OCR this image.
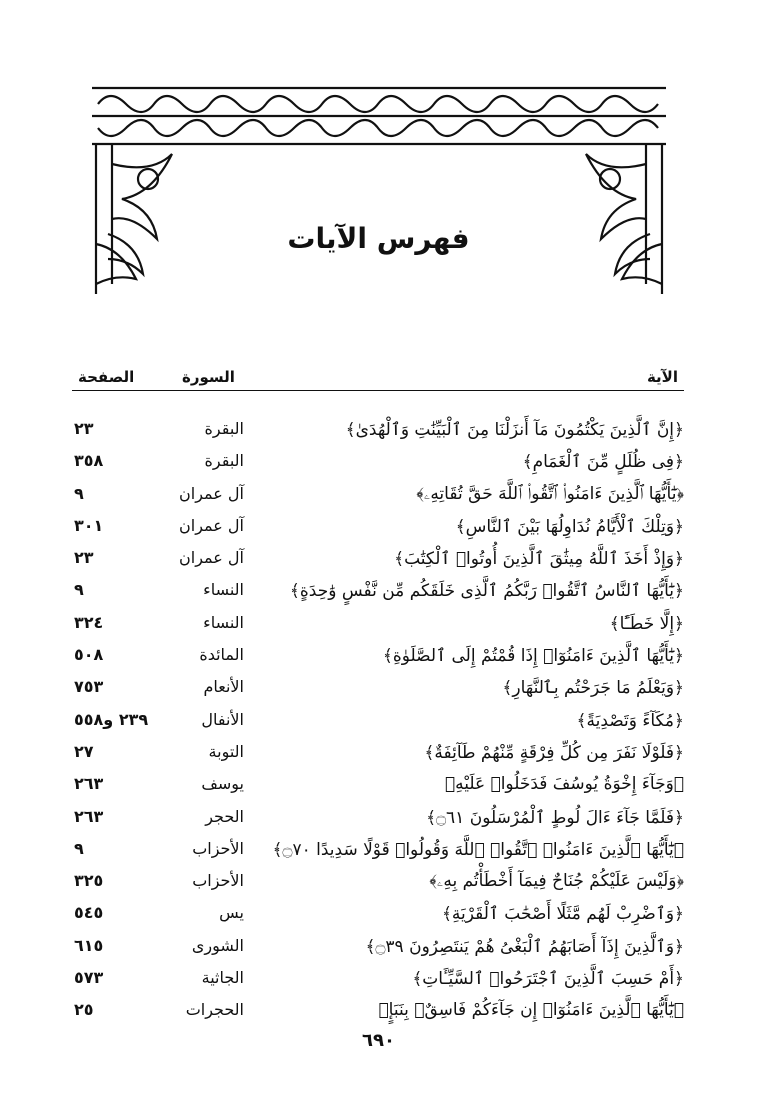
فهرس الآيات
الآية
السورة
الصفحة
﴿إِنَّ ٱلَّذِينَ يَكْتُمُونَ مَآ أَنزَلْنَا مِنَ ٱلْبَيِّنَٰتِ وَٱلْهُدَىٰ﴾
البقرة
٢٣
﴿فِى ظُلَلٍ مِّنَ ٱلْغَمَامِ﴾
البقرة
٣٥٨
﴿يَٰٓأَيُّهَا ٱلَّذِينَ ءَامَنُوا۟ ٱتَّقُوا۟ ٱللَّهَ حَقَّ تُقَاتِهِۦ﴾
آل عمران
٩
﴿وَتِلْكَ ٱلْأَيَّامُ نُدَاوِلُهَا بَيْنَ ٱلنَّاسِ﴾
آل عمران
٣٠١
﴿وَإِذْ أَخَذَ ٱللَّهُ مِيثَٰقَ ٱلَّذِينَ أُوتُوا۟ ٱلْكِتَٰبَ﴾
آل عمران
٢٣
﴿يَٰٓأَيُّهَا ٱلنَّاسُ ٱتَّقُوا۟ رَبَّكُمُ ٱلَّذِى خَلَقَكُم مِّن نَّفْسٍ وَٰحِدَةٍ﴾
النساء
٩
﴿إِلَّا خَطَـًٔا﴾
النساء
٣٢٤
﴿يَٰٓأَيُّهَا ٱلَّذِينَ ءَامَنُوٓا۟ إِذَا قُمْتُمْ إِلَى ٱلصَّلَوٰةِ﴾
المائدة
٥٠٨
﴿وَيَعْلَمُ مَا جَرَحْتُم بِٱلنَّهَارِ﴾
الأنعام
٧٥٣
﴿مُكَآءً وَتَصْدِيَةً﴾
الأنفال
٢٣٩ و٥٥٨
﴿فَلَوْلَا نَفَرَ مِن كُلِّ فِرْقَةٍ مِّنْهُمْ طَآئِفَةٌ﴾
التوبة
٢٧
﴿وَجَآءَ إِخْوَةُ يُوسُفَ فَدَخَلُوا۟ عَلَيْهِ﴾
يوسف
٢٦٣
﴿فَلَمَّا جَآءَ ءَالَ لُوطٍ ٱلْمُرْسَلُونَ ۝٦١﴾
الحجر
٢٦٣
﴿يَٰٓأَيُّهَا ٱلَّذِينَ ءَامَنُوا۟ ٱتَّقُوا۟ ٱللَّهَ وَقُولُوا۟ قَوْلًا سَدِيدًا ۝٧٠﴾
الأحزاب
٩
﴿وَلَيْسَ عَلَيْكُمْ جُنَاحٌ فِيمَآ أَخْطَأْتُم بِهِۦ﴾
الأحزاب
٣٢٥
﴿وَٱضْرِبْ لَهُم مَّثَلًا أَصْحَٰبَ ٱلْقَرْيَةِ﴾
يس
٥٤٥
﴿وَٱلَّذِينَ إِذَآ أَصَابَهُمُ ٱلْبَغْىُ هُمْ يَنتَصِرُونَ ۝٣٩﴾
الشورى
٦١٥
﴿أَمْ حَسِبَ ٱلَّذِينَ ٱجْتَرَحُوا۟ ٱلسَّيِّـَٔاتِ﴾
الجاثية
٥٧٣
﴿يَٰٓأَيُّهَا ٱلَّذِينَ ءَامَنُوٓا۟ إِن جَآءَكُمْ فَاسِقٌۢ بِنَبَإٍ﴾
الحجرات
٢٥
٦٩٠
